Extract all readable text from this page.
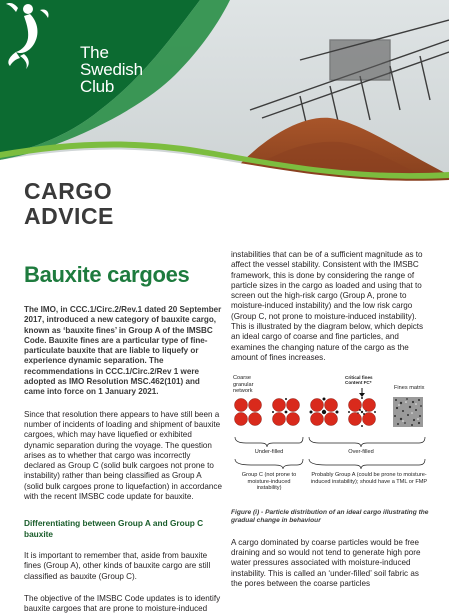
The
Swedish
Club
CARGO
ADVICE
Bauxite cargoes

The IMO, in CCC.1/Circ.2/Rev.1 dated 20 September 2017, introduced a new category of bauxite cargo, known as ‘bauxite fines’ in Group A of the IMSBC Code. Bauxite fines are a particular type of fine-particulate bauxite that are liable to liquefy or experience dynamic separation. The recommendations in CCC.1/Circ.2/Rev 1 were adopted as IMO Resolution MSC.462(101) and came into force on 1 January 2021.

Since that resolution there appears to have still been a number of incidents of loading and shipment of bauxite cargoes, which may have liquefied or exhibited dynamic separation during the voyage. The question arises as to whether that cargo was incorrectly declared as Group C (solid bulk cargoes not prone to instability) rather than being classified as Group A (solid bulk cargoes prone to liquefaction) in accordance with the recent IMSBC code update for bauxite.

Differentiating between Group A and Group C bauxite

It is important to remember that, aside from bauxite fines (Group A), other kinds of bauxite cargo are still classified as bauxite (Group C).

The objective of the IMSBC Code updates is to identify bauxite cargoes that are prone to moisture-induced

instabilities that can be of a sufficient magnitude as to affect the vessel stability. Consistent with the IMSBC framework, this is done by considering the range of particle sizes in the cargo as loaded and using that to screen out the high-risk cargo (Group A, prone to moisture-induced instability) and the low risk cargo (Group C, not prone to moisture-induced instability). This is illustrated by the diagram below, which depicts an ideal cargo of coarse and fine particles, and examines the changing nature of the cargo as the amount of fines increases.

Coarse granular network
Critical fines Content FC*
Fines matrix
Under-filled	Over-filled
Group C (not prone to moisture-induced instability)
Probably Group A (could be prone to moisture-induced instability); should have a TML or FMP

Figure (i) - Particle distribution of an ideal cargo illustrating the gradual change in behaviour

A cargo dominated by coarse particles would be free draining and so would not tend to generate high pore water pressures associated with moisture-induced instability. This is called an ‘under-filled’ soil fabric as the pores between the coarse particles
